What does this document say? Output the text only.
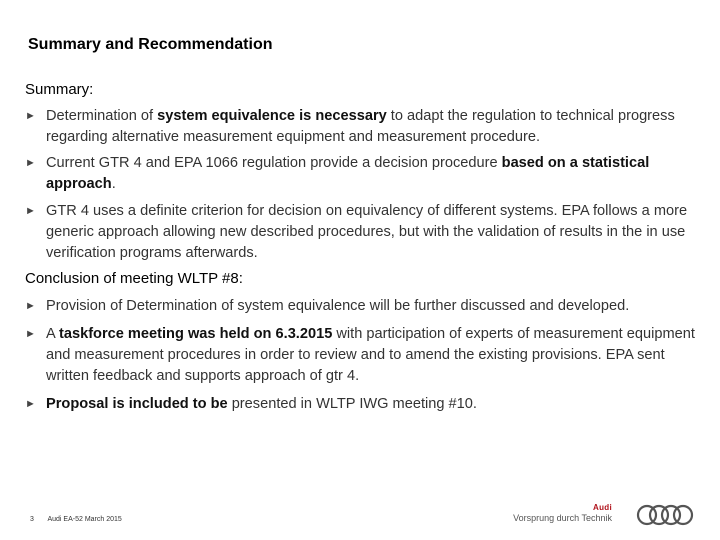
Summary and Recommendation
Summary:
► Determination of system equivalence is necessary to adapt the regulation to technical progress regarding alternative measurement equipment and measurement procedure.
► Current GTR 4 and EPA 1066 regulation provide a decision procedure based on a statistical approach.
► GTR 4 uses a definite criterion for decision on equivalency of different systems. EPA follows a more generic approach allowing new described procedures, but with the validation of results in the in use verification programs afterwards.
Conclusion of meeting WLTP #8:
► Provision of Determination of system equivalence will be further discussed and developed.
► A taskforce meeting was held on 6.3.2015 with participation of experts of measurement equipment and measurement procedures in order to review and to amend the existing provisions. EPA sent written feedback and supports approach of gtr 4.
► Proposal is included to be presented in WLTP IWG meeting #10.
3 Audi EA-52 March 2015
Audi
Vorsprung durch Technik
